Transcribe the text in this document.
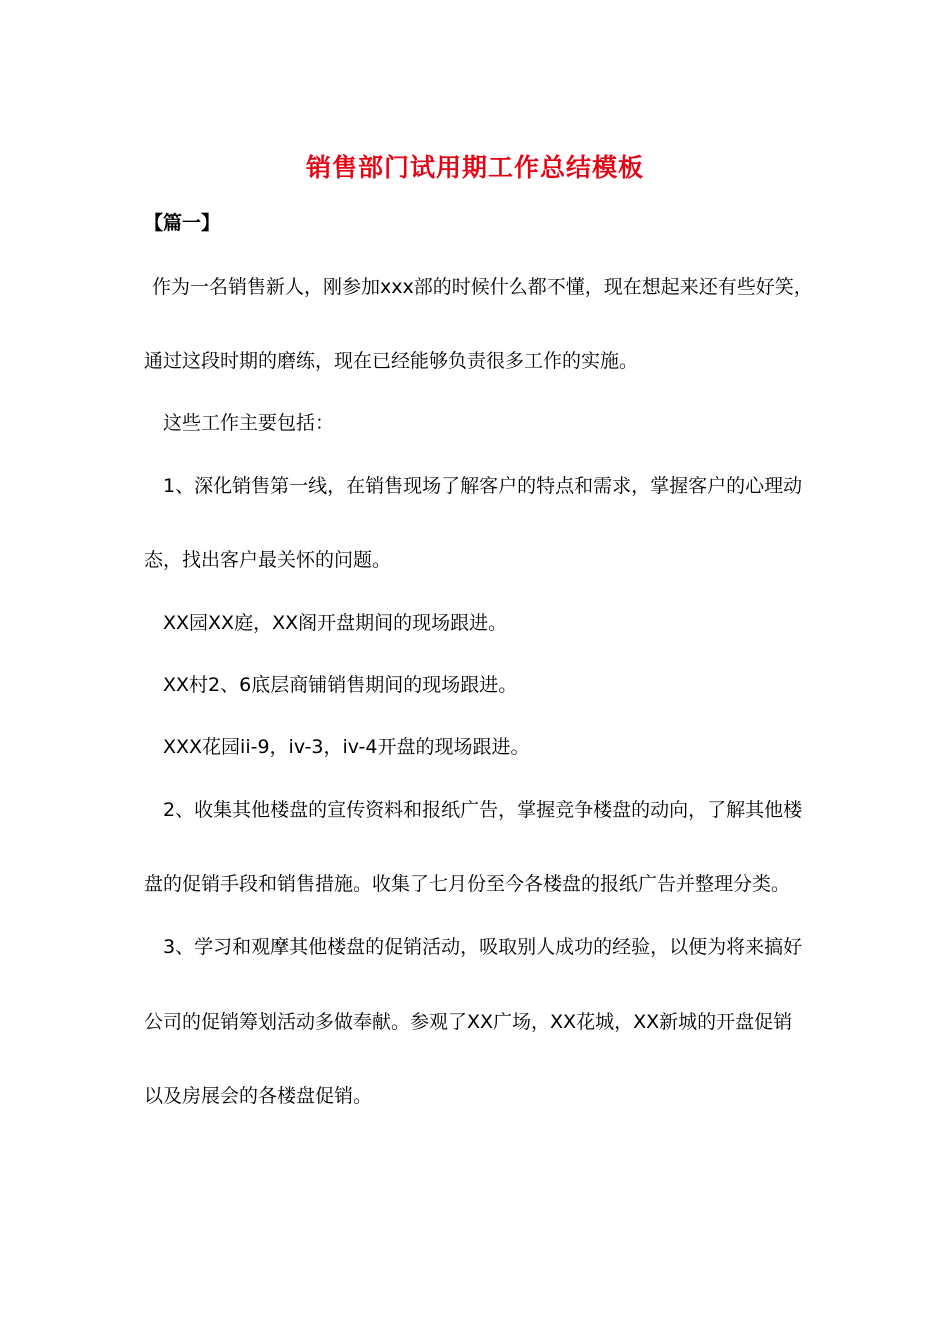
销售部门试用期工作总结模板
【篇一】
作为一名销售新人，刚参加xxx部的时候什么都不懂，现在想起来还有些好笑，
通过这段时期的磨练，现在已经能够负责很多工作的实施。
这些工作主要包括：
1、深化销售第一线，在销售现场了解客户的特点和需求，掌握客户的心理动
态，找出客户最关怀的问题。
XX园XX庭，XX阁开盘期间的现场跟进。
XX村2、6底层商铺销售期间的现场跟进。
XXX花园ii-9，iv-3，iv-4开盘的现场跟进。
2、收集其他楼盘的宣传资料和报纸广告，掌握竞争楼盘的动向，了解其他楼
盘的促销手段和销售措施。收集了七月份至今各楼盘的报纸广告并整理分类。
3、学习和观摩其他楼盘的促销活动，吸取别人成功的经验，以便为将来搞好
公司的促销筹划活动多做奉献。参观了XX广场，XX花城，XX新城的开盘促销
以及房展会的各楼盘促销。
